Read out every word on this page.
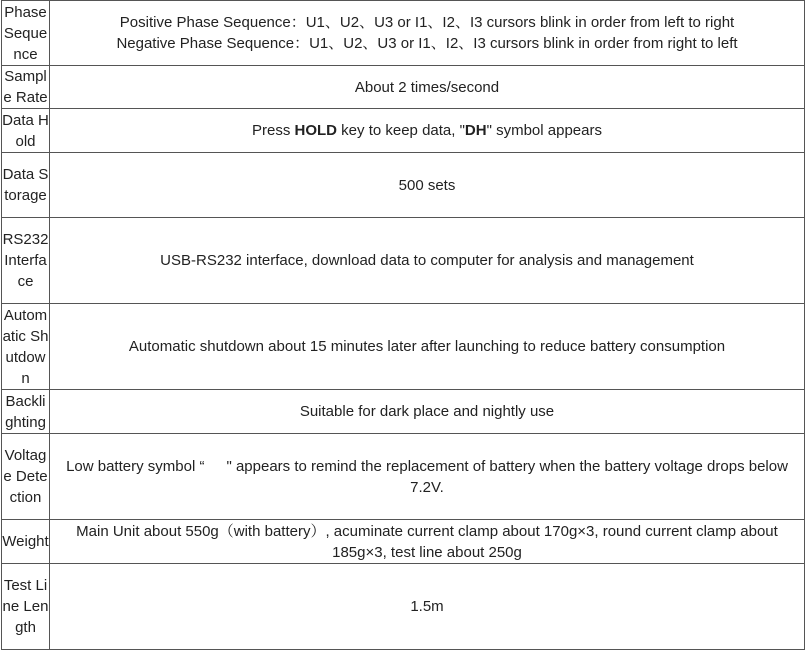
Phase Sequence	Positive Phase Sequence：U1、U2、U3 or I1、I2、I3 cursors blink in order from left to right
Negative Phase Sequence：U1、U2、U3 or I1、I2、I3 cursors blink in order from right to left

Sample Rate	About 2 times/second
Data Hold	Press HOLD key to keep data, "DH" symbol appears
Data Storage	500 sets
RS232 Interface	USB-RS232 interface, download data to computer for analysis and management
Automatic Shutdown	Automatic shutdown about 15 minutes later after launching to reduce battery consumption
Backlighting	Suitable for dark place and nightly use
Voltage Detection	Low battery symbol “ " appears to remind the replacement of battery when the battery voltage drops below 7.2V.
Weight	Main Unit about 550g（with battery）, acuminate current clamp about 170g×3, round current clamp about 185g×3, test line about 250g
Test Line Length	1.5m
